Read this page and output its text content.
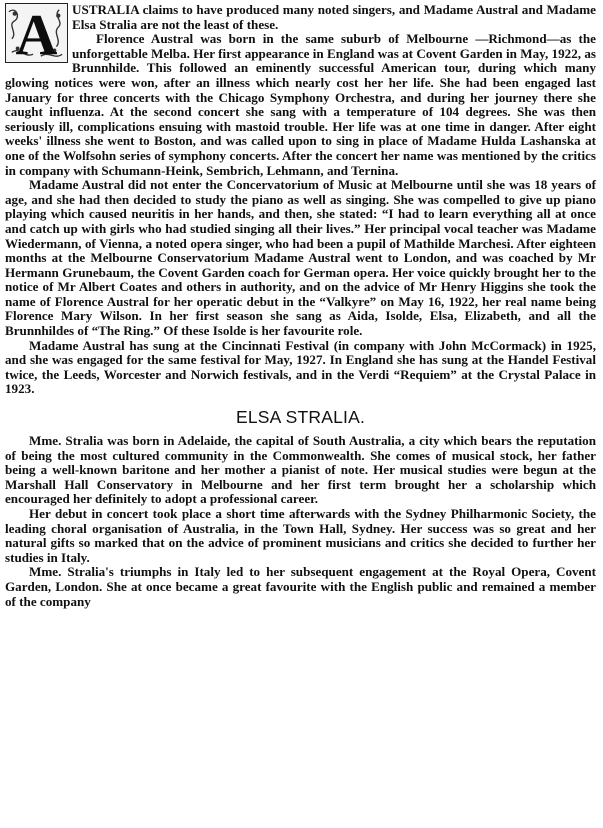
A	USTRALIA claims to have produced many noted singers, and Madame Austral and Madame Elsa Stralia are not the least of these.

Florence Austral was born in the same suburb of Melbourne —Richmond—as the unforgettable Melba. Her first appearance in England was at Covent Garden in May, 1922, as Brunnhilde. This followed an eminently successful American tour, during which many glowing notices were won, after an illness which nearly cost her her life. She had been engaged last January for three concerts with the Chicago Symphony Orchestra, and during her journey there she caught influenza. At the second concert she sang with a temperature of 104 degrees. She was then seriously ill, complications ensuing with mastoid trouble. Her life was at one time in danger. After eight weeks' illness she went to Boston, and was called upon to sing in place of Madame Hulda Lashanska at one of the Wolfsohn series of symphony concerts. After the concert her name was mentioned by the critics in company with Schumann-Heink, Sembrich, Lehmann, and Ternina.

Madame Austral did not enter the Concervatorium of Music at Melbourne until she was 18 years of age, and she had then decided to study the piano as well as singing. She was compelled to give up piano playing which caused neuritis in her hands, and then, she stated: “I had to learn everything all at once and catch up with girls who had studied singing all their lives.” Her principal vocal teacher was Madame Wiedermann, of Vienna, a noted opera singer, who had been a pupil of Mathilde Marchesi. After eighteen months at the Melbourne Conservatorium Madame Austral went to London, and was coached by Mr Hermann Grunebaum, the Covent Garden coach for German opera. Her voice quickly brought her to the notice of Mr Albert Coates and others in authority, and on the advice of Mr Henry Higgins she took the name of Florence Austral for her operatic debut in the “Valkyre” on May 16, 1922, her real name being Florence Mary Wilson. In her first season she sang as Aida, Isolde, Elsa, Elizabeth, and all the Brunnhildes of “The Ring.” Of these Isolde is her favourite role.

Madame Austral has sung at the Cincinnati Festival (in company with John McCormack) in 1925, and she was engaged for the same festival for May, 1927. In England she has sung at the Handel Festival twice, the Leeds, Worcester and Norwich festivals, and in the Verdi “Requiem” at the Crystal Palace in 1923.

ELSA STRALIA.

Mme. Stralia was born in Adelaide, the capital of South Australia, a city which bears the reputation of being the most cultured community in the Commonwealth. She comes of musical stock, her father being a well-known baritone and her mother a pianist of note. Her musical studies were begun at the Marshall Hall Conservatory in Melbourne and her first term brought her a scholarship which encouraged her definitely to adopt a professional career.

Her debut in concert took place a short time afterwards with the Sydney Philharmonic Society, the leading choral organisation of Australia, in the Town Hall, Sydney. Her success was so great and her natural gifts so marked that on the advice of prominent musicians and critics she decided to further her studies in Italy.

Mme. Stralia's triumphs in Italy led to her subsequent engagement at the Royal Opera, Covent Garden, London. She at once became a great favourite with the English public and remained a member of the company
